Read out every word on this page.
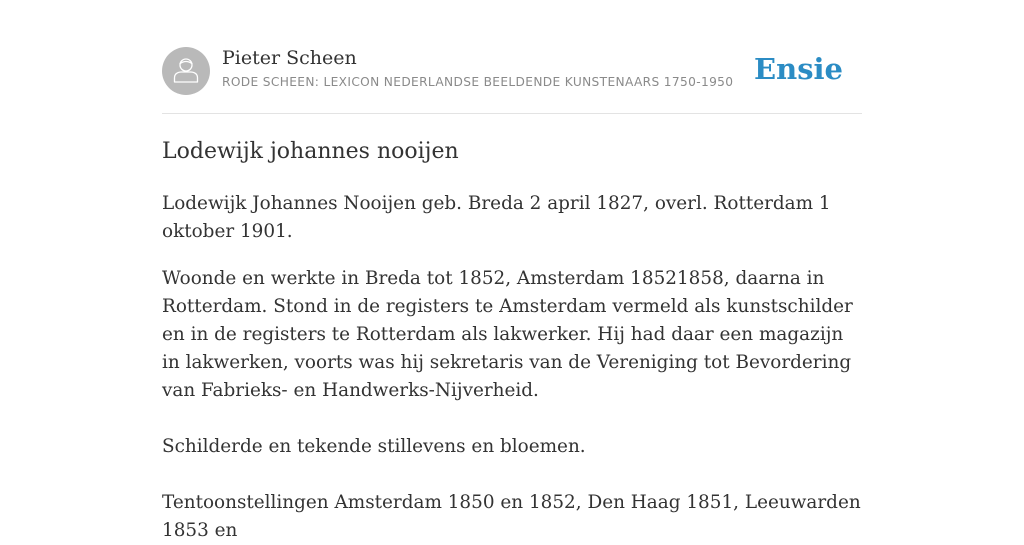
Pieter Scheen
RODE SCHEEN: LEXICON NEDERLANDSE BEELDENDE KUNSTENAARS 1750-1950 Ensie
Lodewijk johannes nooijen

Lodewijk Johannes Nooijen geb. Breda 2 april 1827, overl. Rotterdam 1 oktober 1901.

Woonde en werkte in Breda tot 1852, Amsterdam 18521858, daarna in Rotterdam. Stond in de registers te Amsterdam vermeld als kunstschilder en in de registers te Rotterdam als lakwerker. Hij had daar een magazijn in lakwerken, voorts was hij sekretaris van de Vereniging tot Bevordering van Fabrieks- en Handwerks-Nijverheid.

Schilderde en tekende stillevens en bloemen.

Tentoonstellingen Amsterdam 1850 en 1852, Den Haag 1851, Leeuwarden 1853 en
